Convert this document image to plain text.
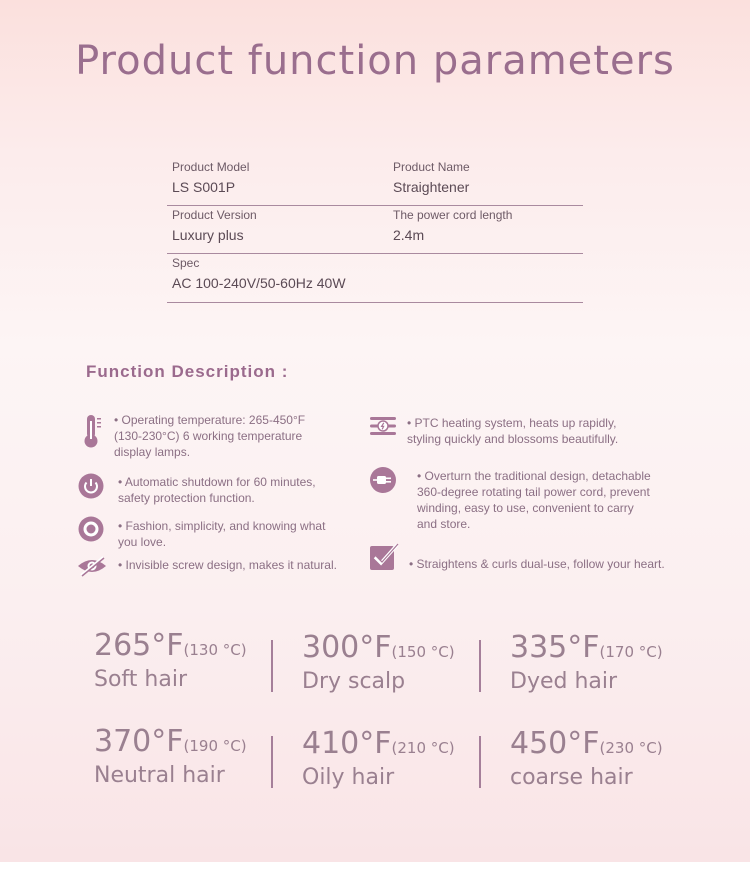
Product function parameters
Product Model
LS S001P
Product Name
Straightener
Product Version
Luxury plus
The power cord length
2.4m
Spec
AC 100-240V/50-60Hz 40W
Function Description :
• Operating temperature: 265-450°F
(130-230°C) 6 working temperature
display lamps.
• Automatic shutdown for 60 minutes,
safety protection function.
• Fashion, simplicity, and knowing what
you love.
• Invisible screw design, makes it natural.
• PTC heating system, heats up rapidly,
styling quickly and blossoms beautifully.
• Overturn the traditional design, detachable
360-degree rotating tail power cord, prevent
winding, easy to use, convenient to carry
and store.
• Straightens & curls dual-use, follow your heart.
265°F(130 °C)
Soft hair
300°F(150 °C)
Dry scalp
335°F(170 °C)
Dyed hair
370°F(190 °C)
Neutral hair
410°F(210 °C)
Oily hair
450°F(230 °C)
coarse hair
